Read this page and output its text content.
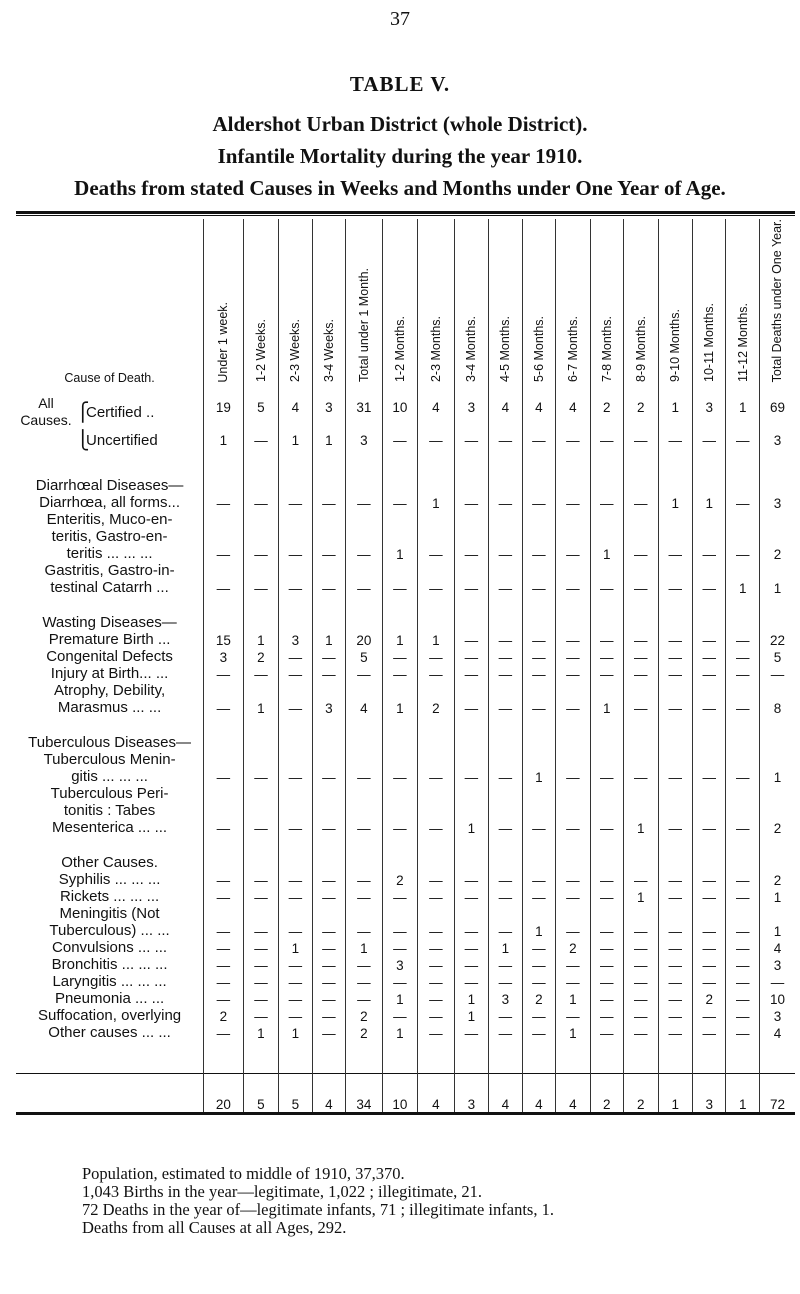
37
TABLE V.
Aldershot Urban District (whole District).
Infantile Mortality during the year 1910.
Deaths from stated Causes in Weeks and Months under One Year of Age.
Cause of Death.	Under 1 week.	1-2 Weeks.	2-3 Weeks.	3-4 Weeks.	Total under 1 Month.	1-2 Months.	2-3 Months.	3-4 Months.	4-5 Months.	5-6 Months.	6-7 Months.	7-8 Months.	8-9 Months.	9-10 Months.	10-11 Months.	11-12 Months.	Total Deaths under One Year.

All Causes. ⎧
Certified ..	19	5	4	3	31	10	4	3	4	4	4	2	2	1	3	1	69

⎩
Uncertified	1	—	1	1	3	—	—	—	—	—	—	—	—	—	—	—	3
Diarrhœal Diseases—																	
Diarrhœa, all forms...	—	—	—	—	—	—	1	—	—	—	—	—	—	1	1	—	3

Enteritis, Muco-en-
teritis, Gastro-en-
teritis ... ... ...	—	—	—	—	—	1	—	—	—	—	—	1	—	—	—	—	2

Gastritis, Gastro-in-
testinal Catarrh ...	—	—	—	—	—	—	—	—	—	—	—	—	—	—	—	1	1
Wasting Diseases—																	
Premature Birth ...	15	1	3	1	20	1	1	—	—	—	—	—	—	—	—	—	22
Congenital Defects	3	2	—	—	5	—	—	—	—	—	—	—	—	—	—	—	5
Injury at Birth... ...	—	—	—	—	—	—	—	—	—	—	—	—	—	—	—	—	—

Atrophy, Debility,
Marasmus ... ...	—	1	—	3	4	1	2	—	—	—	—	1	—	—	—	—	8
Tuberculous Diseases—																	

Tuberculous Menin-
gitis ... ... ...	—	—	—	—	—	—	—	—	—	1	—	—	—	—	—	—	1

Tuberculous Peri-
tonitis : Tabes
Mesenterica ... ...	—	—	—	—	—	—	—	1	—	—	—	—	1	—	—	—	2
Other Causes.																	
Syphilis ... ... ...	—	—	—	—	—	2	—	—	—	—	—	—	—	—	—	—	2
Rickets ... ... ...	—	—	—	—	—	—	—	—	—	—	—	—	1	—	—	—	1

Meningitis (Not
Tuberculous) ... ...	—	—	—	—	—	—	—	—	—	1	—	—	—	—	—	—	1
Convulsions ... ...	—	—	1	—	1	—	—	—	1	—	2	—	—	—	—	—	4
Bronchitis ... ... ...	—	—	—	—	—	3	—	—	—	—	—	—	—	—	—	—	3
Laryngitis ... ... ...	—	—	—	—	—	—	—	—	—	—	—	—	—	—	—	—	—
Pneumonia ... ...	—	—	—	—	—	1	—	1	3	2	1	—	—	—	2	—	10
Suffocation, overlying	2	—	—	—	2	—	—	1	—	—	—	—	—	—	—	—	3
Other causes ... ...	—	1	1	—	2	1	—	—	—	—	1	—	—	—	—	—	4

	20	5	5	4	34	10	4	3	4	4	4	2	2	1	3	1	72
Population, estimated to middle of 1910, 37,370.
1,043 Births in the year—legitimate, 1,022 ; illegitimate, 21.
72 Deaths in the year of—legitimate infants, 71 ; illegitimate infants, 1.
Deaths from all Causes at all Ages, 292.
